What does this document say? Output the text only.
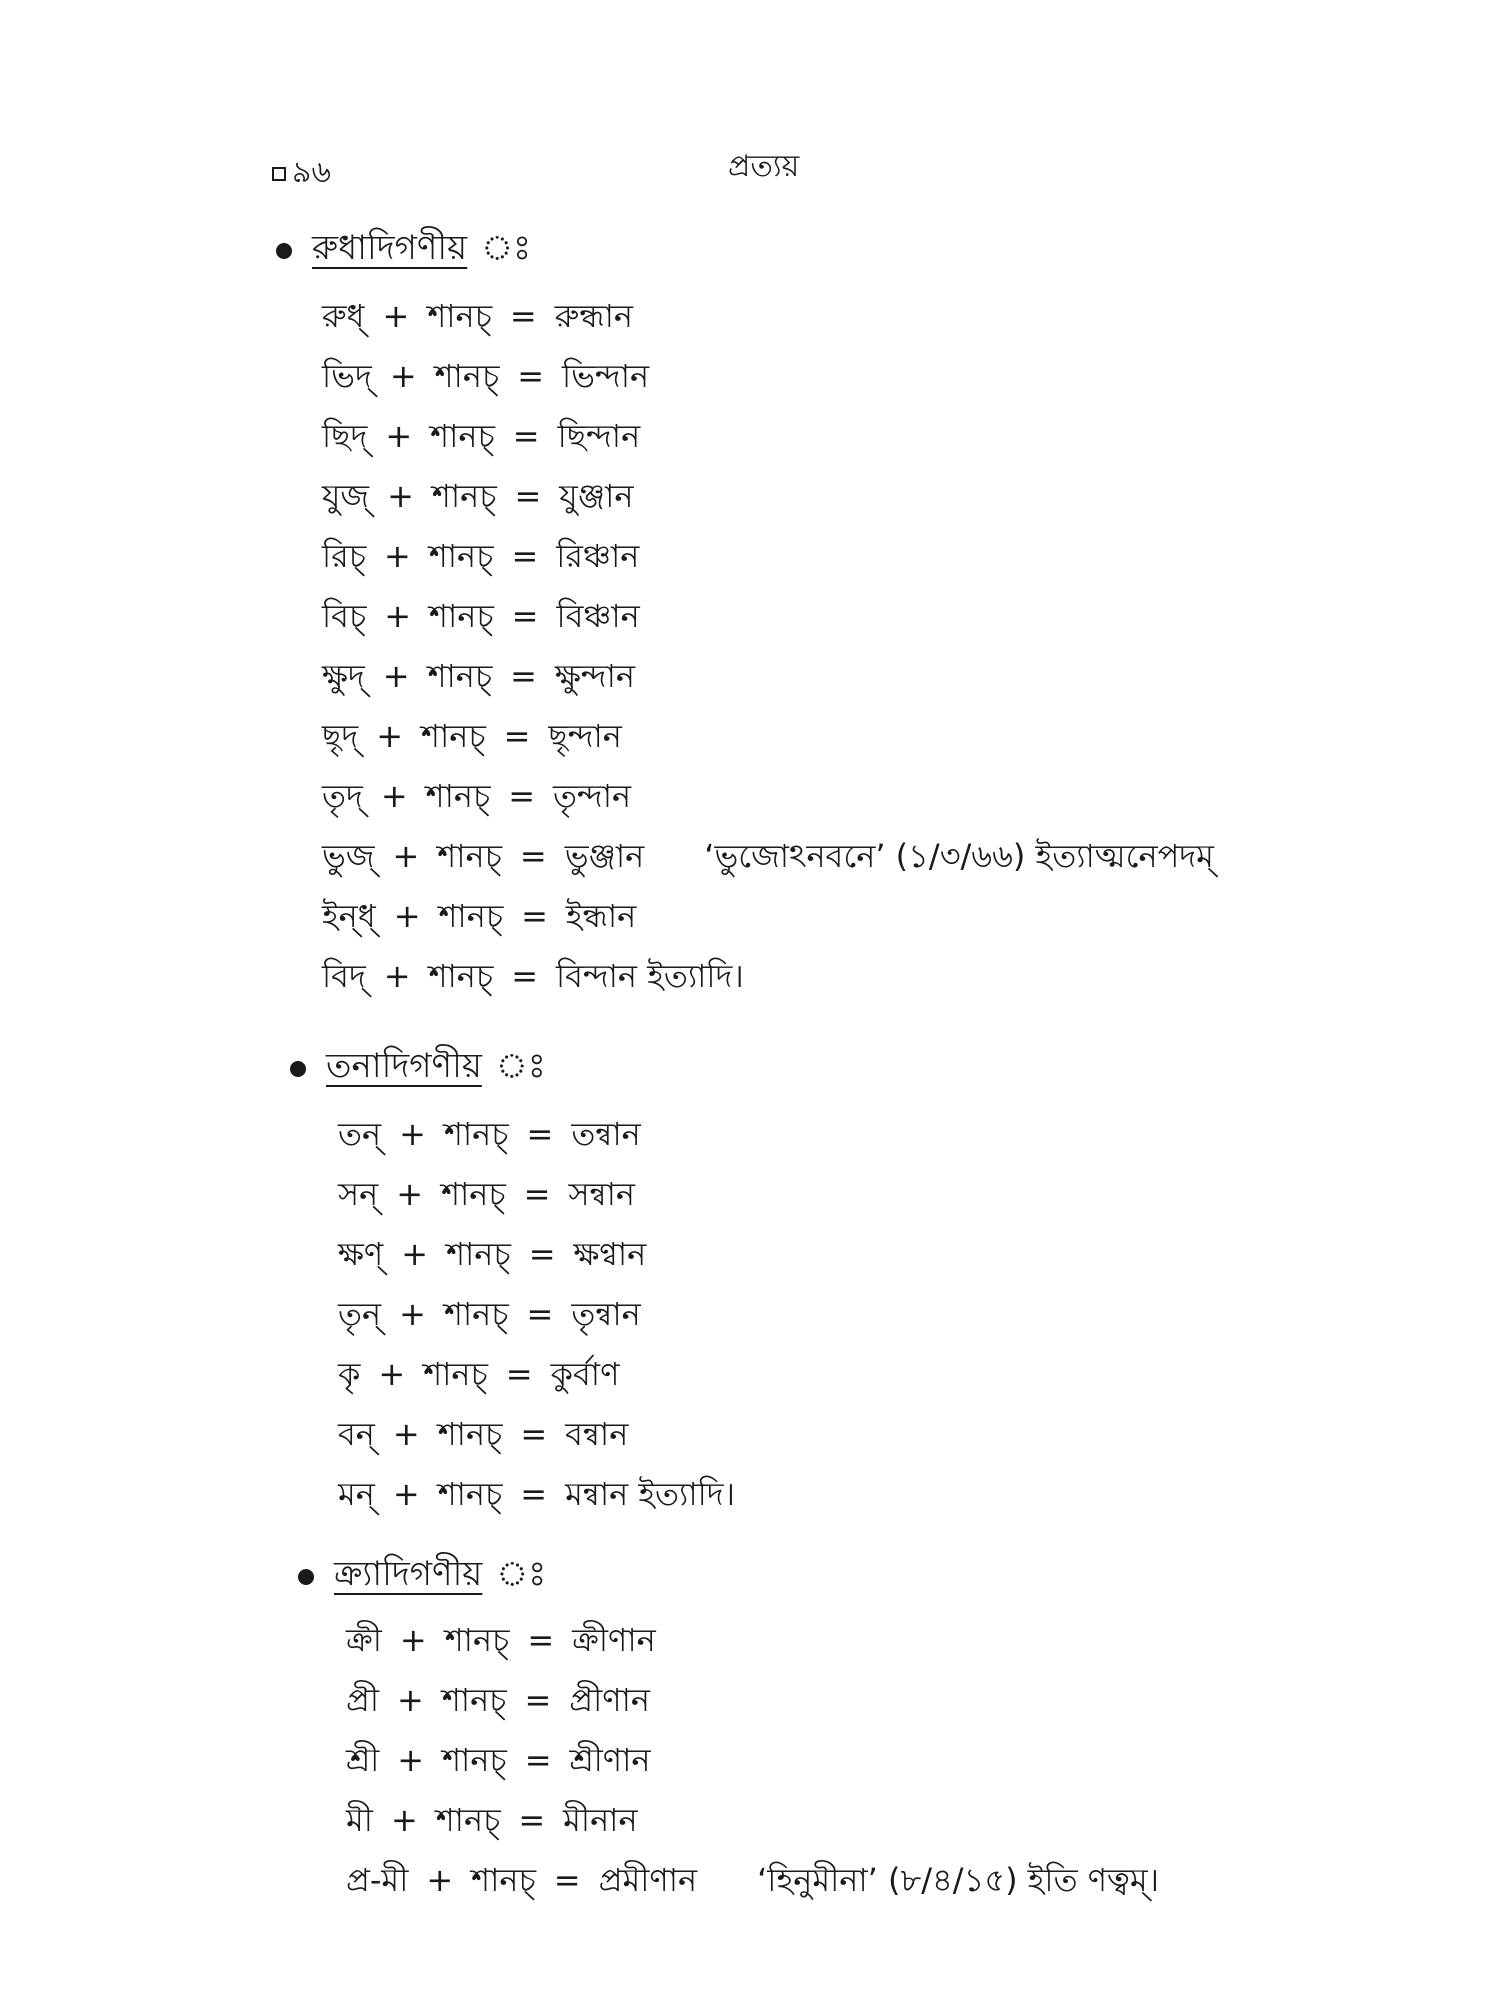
৯৬	প্রত্যয়
রুধাদিগণীয় ঃ
রুধ্ + শানচ্ = রুন্ধান
ভিদ্ + শানচ্ = ভিন্দান
ছিদ্ + শানচ্ = ছিন্দান
যুজ্ + শানচ্ = যুঞ্জান
রিচ্ + শানচ্ = রিঞ্চান
বিচ্ + শানচ্ = বিঞ্চান
ক্ষুদ্ + শানচ্ = ক্ষুন্দান
ছৃদ্ + শানচ্ = ছৃন্দান
তৃদ্ + শানচ্ = তৃন্দান
ভুজ্ + শানচ্ = ভুঞ্জান ‘ভুজোঽনবনে’ (১/৩/৬৬) ইত্যাত্মনেপদম্
ইন্ধ্ + শানচ্ = ইন্ধান
বিদ্ + শানচ্ = বিন্দান ইত্যাদি।
তনাদিগণীয় ঃ
তন্ + শানচ্ = তন্বান
সন্ + শানচ্ = সন্বান
ক্ষণ্ + শানচ্ = ক্ষণ্বান
তৃন্ + শানচ্ = তৃন্বান
কৃ + শানচ্ = কুর্বাণ
বন্ + শানচ্ = বন্বান
মন্ + শানচ্ = মন্বান ইত্যাদি।
ক্র্যাদিগণীয় ঃ
ক্রী + শানচ্ = ক্রীণান
প্রী + শানচ্ = প্রীণান
শ্রী + শানচ্ = শ্রীণান
মী + শানচ্ = মীনান
প্র-মী + শানচ্ = প্রমীণান ‘হিনুমীনা’ (৮/৪/১৫) ইতি ণত্বম্।
